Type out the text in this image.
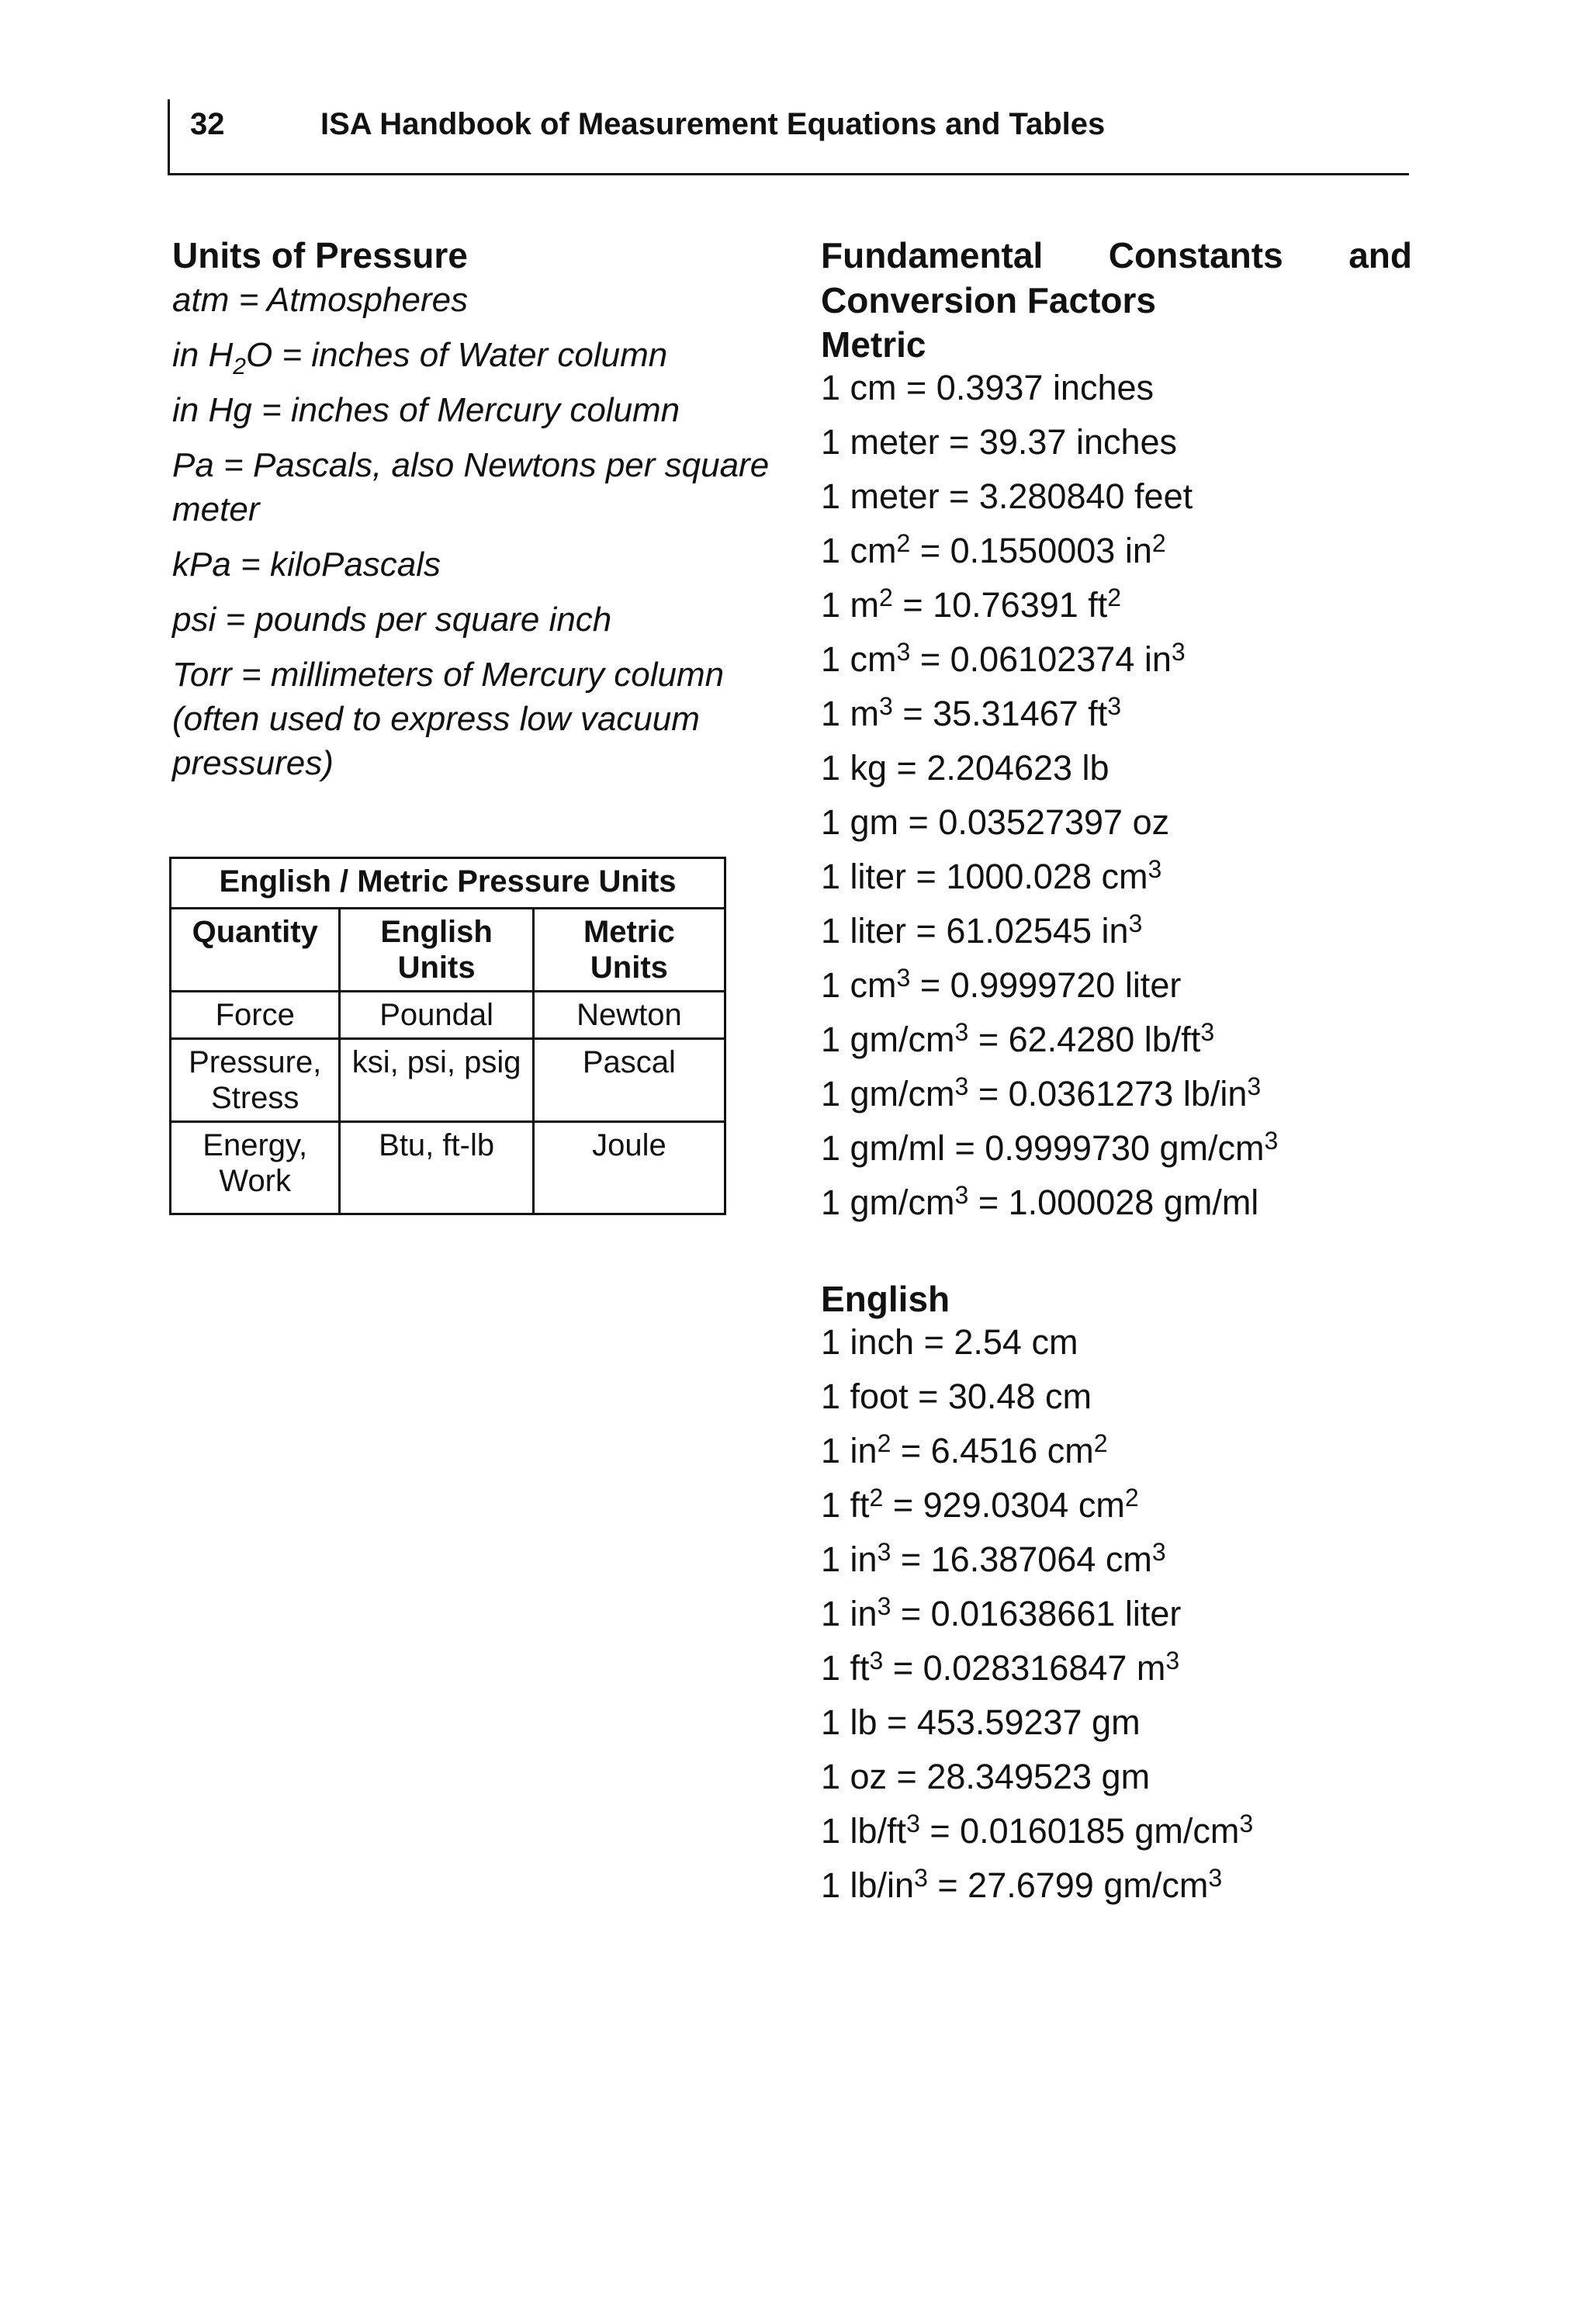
32	ISA Handbook of Measurement Equations and Tables

Units of Pressure

atm = Atmospheres
in $H_2O$ = inches of Water column
in Hg = inches of Mercury column
Pa = Pascals, also Newtons per square meter
kPa = kiloPascals
psi = pounds per square inch
Torr = millimeters of Mercury column (often used to express low vacuum pressures)
English / Metric Pressure Units		
Quantity	English Units	Metric Units
Force	Poundal	Newton
Pressure, Stress	ksi, psi, psig	Pascal
Energy, Work	Btu, ft-lb	Joule

Fundamental Constants and

Conversion Factors

Metric

1 cm = 0.3937 inches
1 meter = 39.37 inches
1 meter = 3.280840 feet
1 $cm^2 = 0.1550003$ $in^2$
1 $m^2 = 10.76391$ $ft^2$
1 $cm^3 = 0.06102374$ $in^3$
1 $m^3 = 35.31467$ $ft^3$
1 kg = 2.204623 lb
1 gm = 0.03527397 oz
1 liter = 1000.028 $cm^3$
1 liter = 61.02545 $in^3$
1 $cm^3 = 0.9999720$ liter
1 $gm/cm^3 = 62.4280$ $lb/ft^3$
1 $gm/cm^3 = 0.0361273$ $lb/in^3$
1 gm/ml = 0.9999730 $gm/cm^3$
1 $gm/cm^3 = 1.000028$ gm/ml

English

1 inch = 2.54 cm
1 foot = 30.48 cm
1 $in^2 = 6.4516$ $cm^2$
1 $ft^2 = 929.0304$ $cm^2$
1 $in^3 = 16.387064$ $cm^3$
1 $in^3 = 0.01638661$ liter
1 $ft^3 = 0.028316847$ $m^3$
1 lb = 453.59237 gm
1 oz = 28.349523 gm
1 $lb/ft^3 = 0.0160185$ $gm/cm^3$
1 $lb/in^3 = 27.6799$ $gm/cm^3$
